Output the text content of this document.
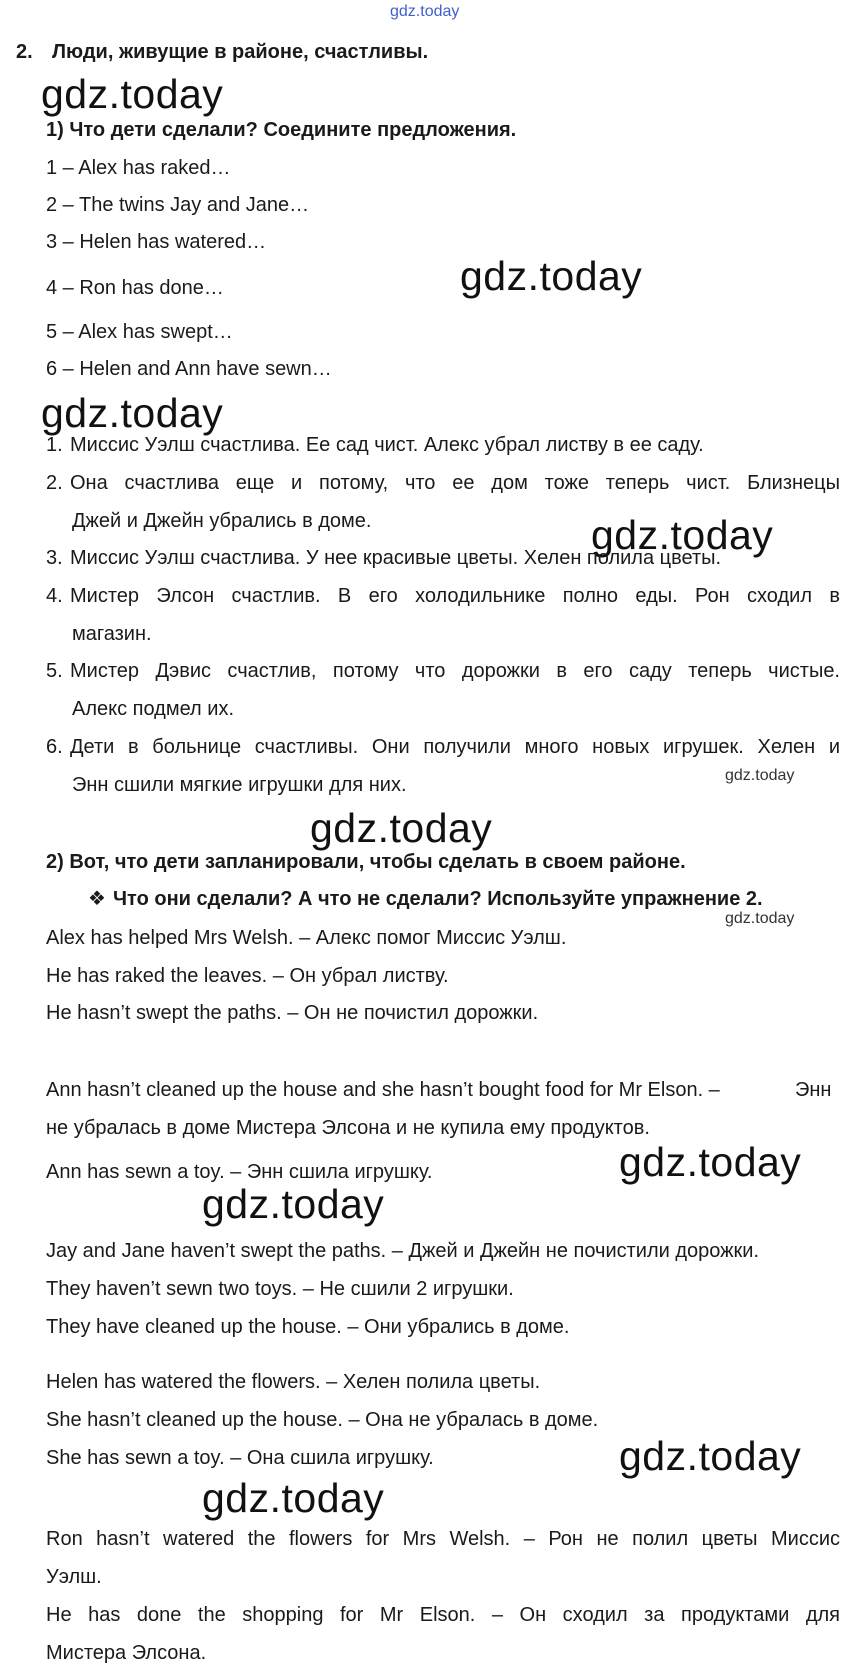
gdz.today
2. Люди, живущие в районе, счастливы.
gdz.today
gdz.today
gdz.today
gdz.today
gdz.today
gdz.today
gdz.today
gdz.today
gdz.today
gdz.today
gdz.today
1) Что дети сделали? Соедините предложения.
1 – Alex has raked…
2 – The twins Jay and Jane…
3 – Helen has watered…
4 – Ron has done…
5 – Alex has swept…
6 – Helen and Ann have sewn…
1. Миссис Уэлш счастлива. Ее сад чист. Алекс убрал листву в ее саду.
2. Она счастлива еще и потому, что ее дом тоже теперь чист. Близнецы
Джей и Джейн убрались в доме.
3. Миссис Уэлш счастлива. У нее красивые цветы. Хелен полила цветы.
4. Мистер Элсон счастлив. В его холодильнике полно еды. Рон сходил в
магазин.
5. Мистер Дэвис счастлив, потому что дорожки в его саду теперь чистые.
Алекс подмел их.
6. Дети в больнице счастливы. Они получили много новых игрушек. Хелен и
Энн сшили мягкие игрушки для них.
2) Вот, что дети запланировали, чтобы сделать в своем районе.
❖ Что они сделали? А что не сделали? Используйте упражнение 2.
Alex has helped Mrs Welsh. – Алекс помог Миссис Уэлш.
He has raked the leaves. – Он убрал листву.
He hasn’t swept the paths. – Он не почистил дорожки.
Ann hasn’t cleaned up the house and she hasn’t bought food for Mr Elson. –	Энн
не убралась в доме Мистера Элсона и не купила ему продуктов.
Ann has sewn a toy. – Энн сшила игрушку.
Jay and Jane haven’t swept the paths. – Джей и Джейн не почистили дорожки.
They haven’t sewn two toys. – Не сшили 2 игрушки.
They have cleaned up the house. – Они убрались в доме.
Helen has watered the flowers. – Хелен полила цветы.
She hasn’t cleaned up the house. – Она не убралась в доме.
She has sewn a toy. – Она сшила игрушку.
Ron hasn’t watered the flowers for Mrs Welsh. – Рон не полил цветы Миссис
Уэлш.
He has done the shopping for Mr Elson. – Он сходил за продуктами для
Мистера Элсона.
